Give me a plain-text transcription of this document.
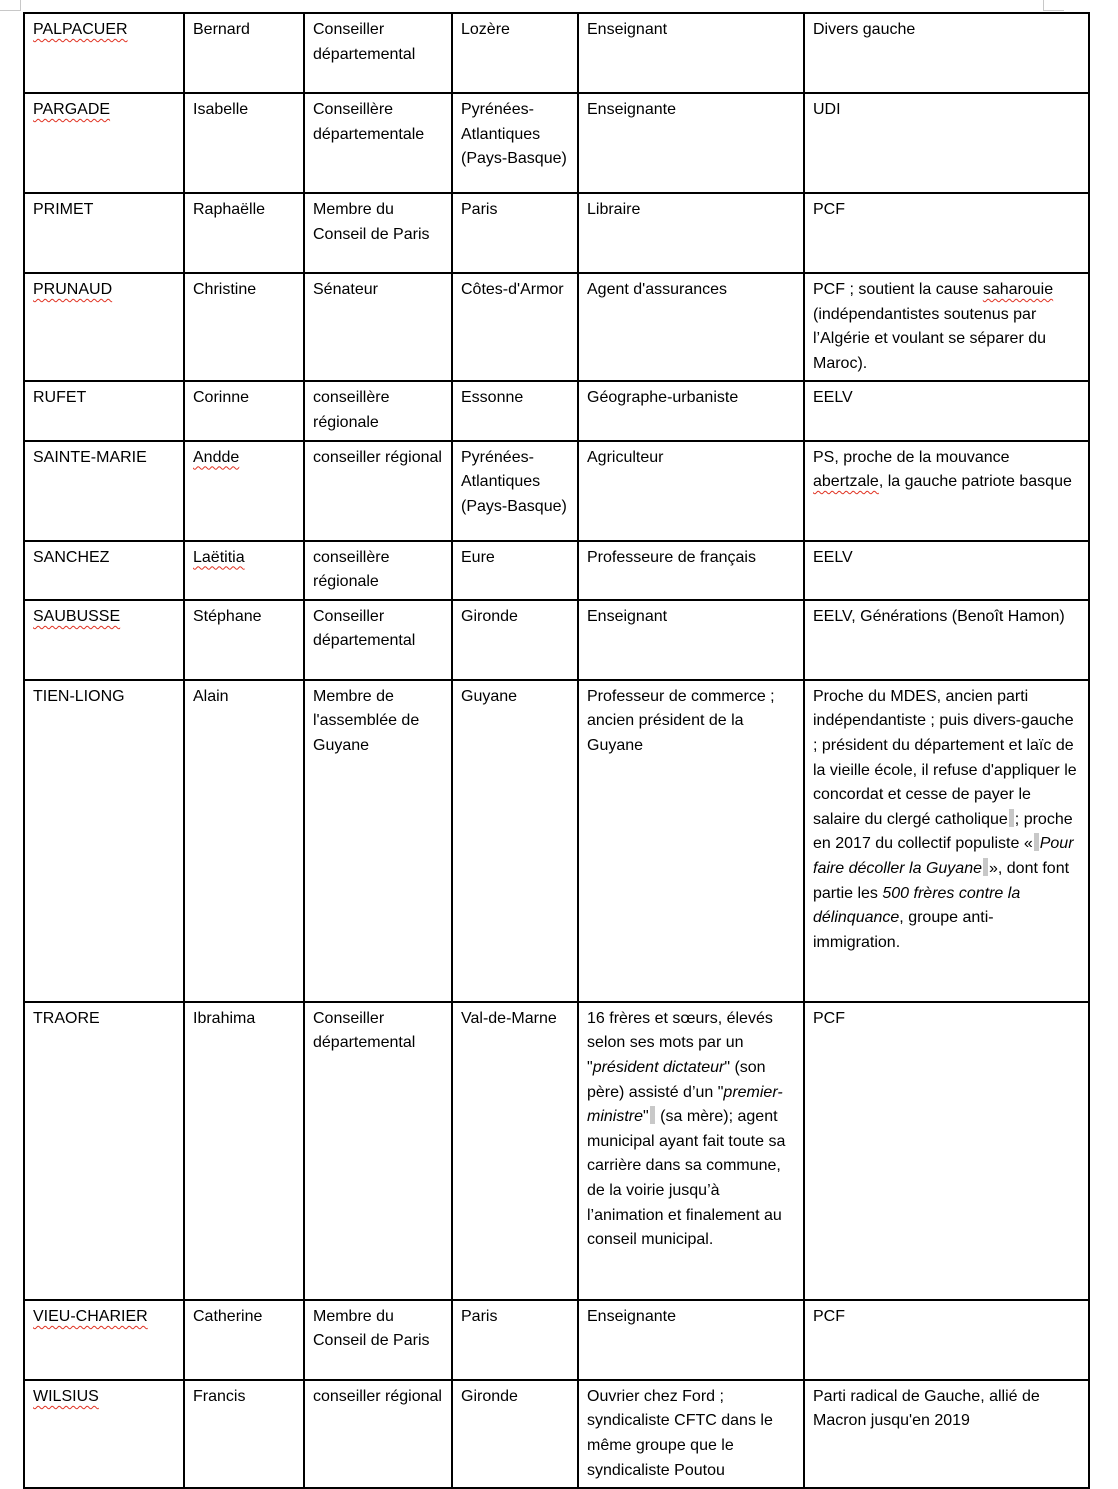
PALPACUER	Bernard	Conseiller départemental	Lozère	Enseignant	Divers gauche
PARGADE	Isabelle	Conseillère départementale	Pyrénées-Atlantiques (Pays-Basque)	Enseignante	UDI
PRIMET	Raphaëlle	Membre du Conseil de Paris	Paris	Libraire	PCF
PRUNAUD	Christine	Sénateur	Côtes-d'Armor	Agent d'assurances	PCF ; soutient la cause saharouie (indépendantistes soutenus par l’Algérie et voulant se séparer du Maroc).
RUFET	Corinne	conseillère régionale	Essonne	Géographe-urbaniste	EELV
SAINTE-MARIE	Andde	conseiller régional	Pyrénées-Atlantiques (Pays-Basque)	Agriculteur	PS, proche de la mouvance abertzale, la gauche patriote basque
SANCHEZ	Laëtitia	conseillère régionale	Eure	Professeure de français	EELV
SAUBUSSE	Stéphane	Conseiller départemental	Gironde	Enseignant	EELV, Générations (Benoît Hamon)
TIEN-LIONG	Alain	Membre de l'assemblée de Guyane	Guyane	Professeur de commerce ; ancien président de la Guyane	Proche du MDES, ancien parti indépendantiste ; puis divers-gauche ; président du département et laïc de la vieille école, il refuse d'appliquer le concordat et cesse de payer le salaire du clergé catholique ; proche en 2017 du collectif populiste « Pour faire décoller la Guyane », dont font partie les 500 frères contre la délinquance, groupe anti-immigration.
TRAORE	Ibrahima	Conseiller départemental	Val-de-Marne	16 frères et sœurs, élevés selon ses mots par un "président dictateur" (son père) assisté d’un "premier-ministre" (sa mère); agent municipal ayant fait toute sa carrière dans sa commune, de la voirie jusqu’à l’animation et finalement au conseil municipal.	PCF
VIEU-CHARIER	Catherine	Membre du Conseil de Paris	Paris	Enseignante	PCF
WILSIUS	Francis	conseiller régional	Gironde	Ouvrier chez Ford ; syndicaliste CFTC dans le même groupe que le syndicaliste Poutou	Parti radical de Gauche, allié de Macron jusqu'en 2019
